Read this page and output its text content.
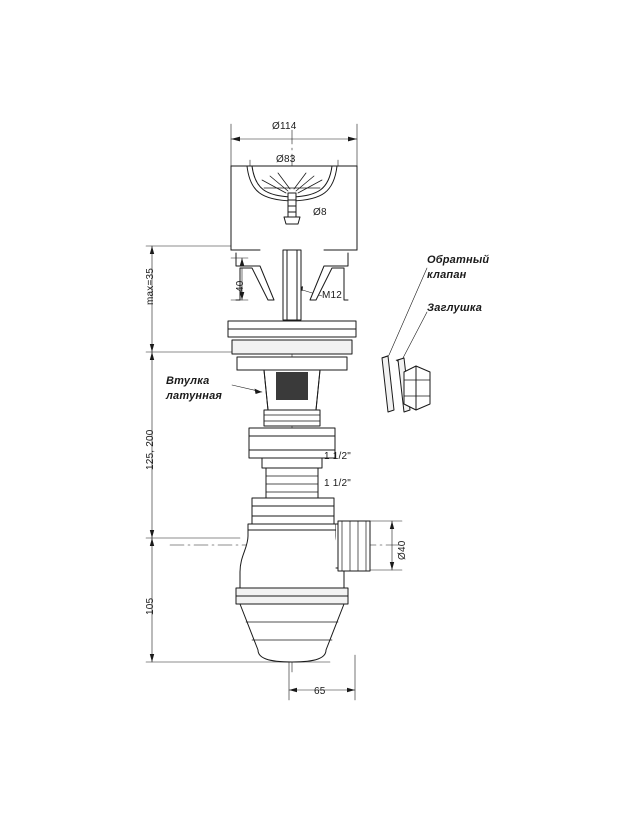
Ø114
Ø83
Ø8
M12
40
max=35
125, 200
105
Ø40
1 1/2"
1 1/2"
65
Обратный
клапан
Заглушка
Втулка
латунная
